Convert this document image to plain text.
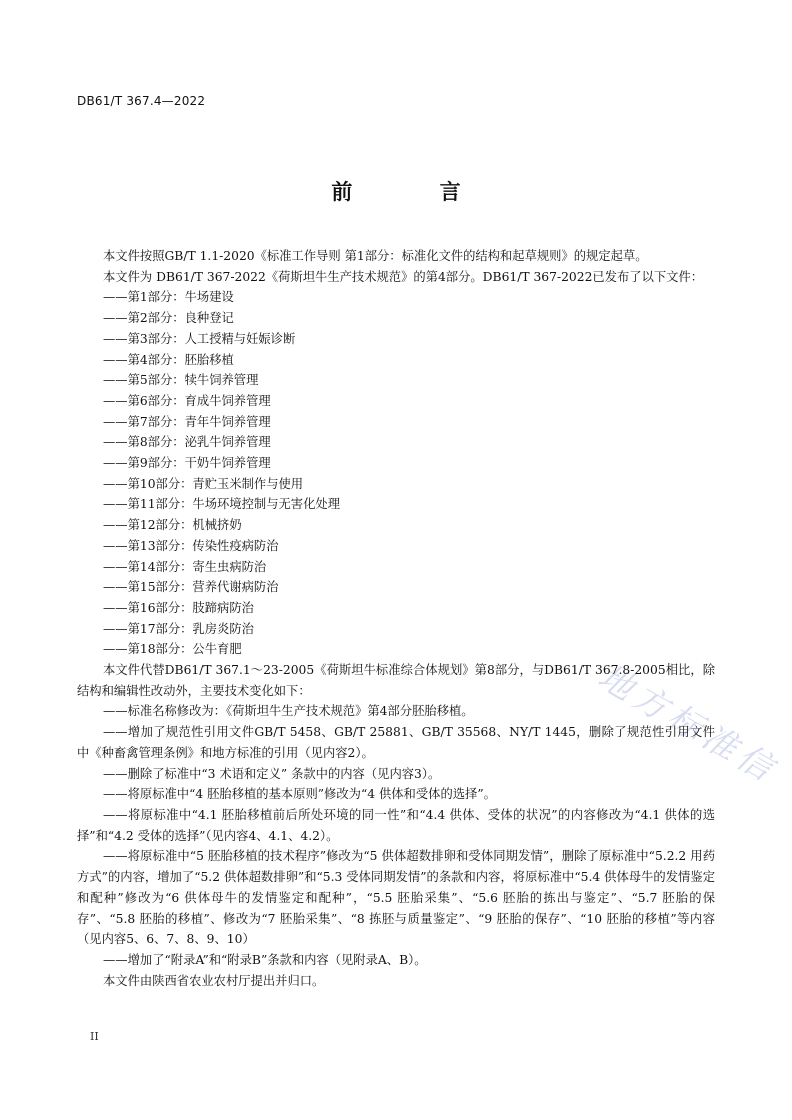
DB61/T 367.4—2022
前 言
地方标准信

本文件按照GB/T 1.1-2020《标准工作导则 第1部分：标准化文件的结构和起草规则》的规定起草。

本文件为 DB61/T 367-2022《荷斯坦牛生产技术规范》的第4部分。DB61/T 367-2022已发布了以下文件：

——第1部分：牛场建设

——第2部分：良种登记

——第3部分：人工授精与妊娠诊断

——第4部分：胚胎移植

——第5部分：犊牛饲养管理

——第6部分：育成牛饲养管理

——第7部分：青年牛饲养管理

——第8部分：泌乳牛饲养管理

——第9部分：干奶牛饲养管理

——第10部分：青贮玉米制作与使用

——第11部分：牛场环境控制与无害化处理

——第12部分：机械挤奶

——第13部分：传染性疫病防治

——第14部分：寄生虫病防治

——第15部分：营养代谢病防治

——第16部分：肢蹄病防治

——第17部分：乳房炎防治

——第18部分：公牛育肥

本文件代替DB61/T 367.1～23-2005《荷斯坦牛标准综合体规划》第8部分，与DB61/T 367.8-2005相比，除结构和编辑性改动外，主要技术变化如下：

——标准名称修改为：《荷斯坦牛生产技术规范》第4部分胚胎移植。

——增加了规范性引用文件GB/T 5458、GB/T 25881、GB/T 35568、NY/T 1445，删除了规范性引用文件中《种畜禽管理条例》和地方标准的引用（见内容2）。

——删除了标准中“3 术语和定义” 条款中的内容（见内容3）。

——将原标准中“4 胚胎移植的基本原则”修改为“4 供体和受体的选择”。

——将原标准中“4.1 胚胎移植前后所处环境的同一性”和“4.4 供体、受体的状况”的内容修改为“4.1 供体的选择”和“4.2 受体的选择”（见内容4、4.1、4.2）。

——将原标准中“5 胚胎移植的技术程序”修改为“5 供体超数排卵和受体同期发情”，删除了原标准中“5.2.2 用药方式”的内容，增加了“5.2 供体超数排卵”和“5.3 受体同期发情”的条款和内容，将原标准中“5.4 供体母牛的发情鉴定和配种”修改为“6 供体母牛的发情鉴定和配种”，“5.5 胚胎采集”、“5.6 胚胎的拣出与鉴定”、“5.7 胚胎的保存”、“5.8 胚胎的移植”、修改为“7 胚胎采集”、“8 拣胚与质量鉴定”、“9 胚胎的保存”、“10 胚胎的移植”等内容（见内容5、6、7、8、9、10）

——增加了“附录A”和“附录B”条款和内容（见附录A、B）。

本文件由陕西省农业农村厅提出并归口。

II
